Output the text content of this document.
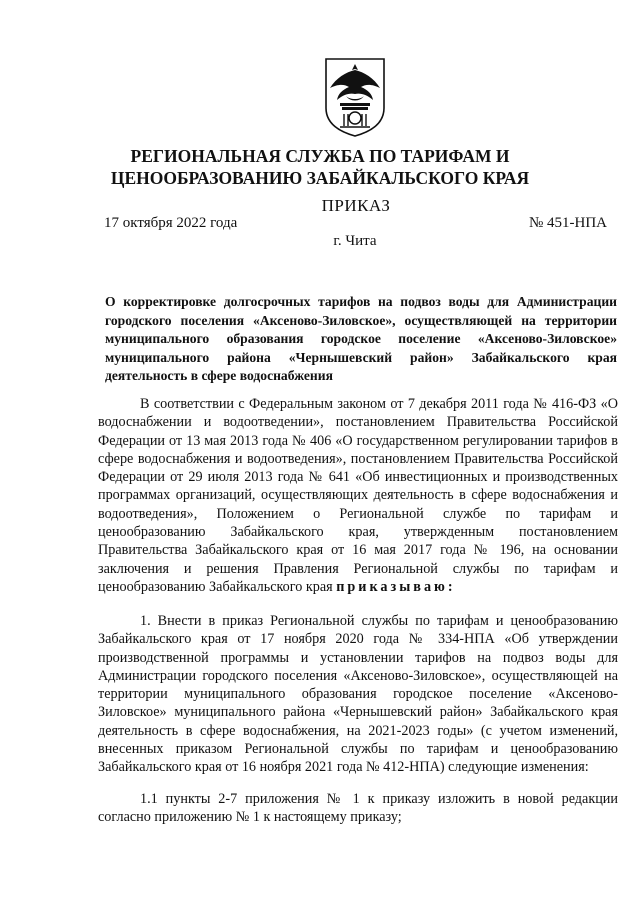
РЕГИОНАЛЬНАЯ СЛУЖБА ПО ТАРИФАМ И
ЦЕНООБРАЗОВАНИЮ ЗАБАЙКАЛЬСКОГО КРАЯ
ПРИКАЗ
17 октября 2022 года	№ 451-НПА
г. Чита
О корректировке долгосрочных тарифов на подвоз воды для Администрации городского поселения «Аксеново-Зиловское», осуществляющей на территории муниципального образования городское поселение «Аксеново-Зиловское» муниципального района «Чернышевский район» Забайкальского края деятельность в сфере водоснабжения
В соответствии с Федеральным законом от 7 декабря 2011 года № 416-ФЗ «О водоснабжении и водоотведении», постановлением Правительства Российской Федерации от 13 мая 2013 года № 406 «О государственном регулировании тарифов в сфере водоснабжения и водоотведения», постановлением Правительства Российской Федерации от 29 июля 2013 года № 641 «Об инвестиционных и производственных программах организаций, осуществляющих деятельность в сфере водоснабжения и водоотведения», Положением о Региональной службе по тарифам и ценообразованию Забайкальского края, утвержденным постановлением Правительства Забайкальского края от 16 мая 2017 года № 196, на основании заключения и решения Правления Региональной службы по тарифам и ценообразованию Забайкальского края приказываю:
1. Внести в приказ Региональной службы по тарифам и ценообразованию Забайкальского края от 17 ноября 2020 года № 334-НПА «Об утверждении производственной программы и установлении тарифов на подвоз воды для Администрации городского поселения «Аксеново-Зиловское», осуществляющей на территории муниципального образования городское поселение «Аксеново-Зиловское» муниципального района «Чернышевский район» Забайкальского края деятельность в сфере водоснабжения, на 2021-2023 годы» (с учетом изменений, внесенных приказом Региональной службы по тарифам и ценообразованию Забайкальского края от 16 ноября 2021 года № 412-НПА) следующие изменения:
1.1 пункты 2-7 приложения № 1 к приказу изложить в новой редакции согласно приложению № 1 к настоящему приказу;
